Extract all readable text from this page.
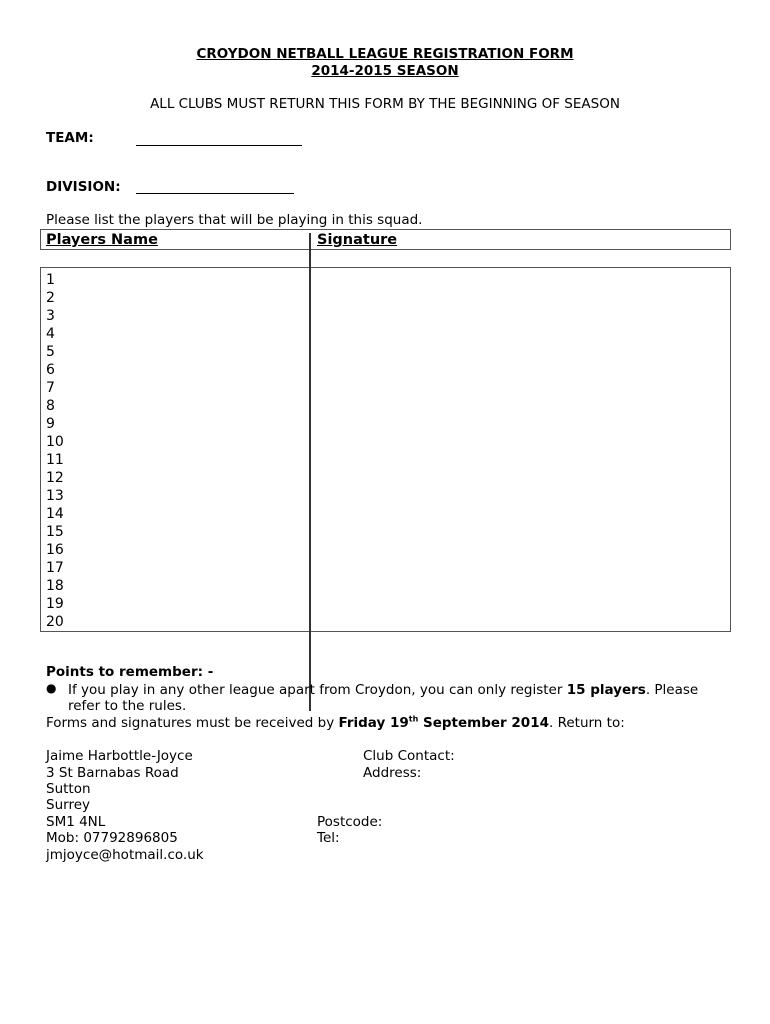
CROYDON NETBALL LEAGUE REGISTRATION FORM
2014-2015 SEASON
ALL CLUBS MUST RETURN THIS FORM BY THE BEGINNING OF SEASON
TEAM:
DIVISION:
Please list the players that will be playing in this squad.
Players Name	Signature
1
2
3
4
5
6
7
8
9
10
11
12
13
14
15
16
17
18
19
20
Points to remember: -
● If you play in any other league apart from Croydon, you can only register 15 players. Please
refer to the rules.
Forms and signatures must be received by Friday 19th September 2014. Return to:
Jaime Harbottle-Joyce
3 St Barnabas Road
Sutton
Surrey
SM1 4NL
Mob: 07792896805
jmjoyce@hotmail.co.uk
Club Contact:
Address:
Postcode:
Tel:
